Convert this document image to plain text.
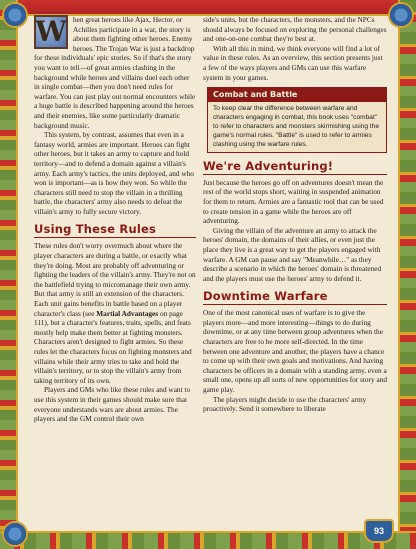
W hen great heroes like Ajax, Hector, or Achilles participate in a war, the story is about them fighting other heroes. Enemy heroes. The Trojan War is just a backdrop for these individuals' epic stories. So if that's the story you want to tell—of great armies clashing in the background while heroes and villains duel each other in single combat—then you don't need rules for warfare. You can just play out normal encounters while a huge battle is described happening around the heroes and their enemies, like some particularly dramatic background music.

This system, by contrast, assumes that even in a fantasy world, armies are important. Heroes can fight other heroes, but it takes an army to capture and hold territory—and to defend a domain against a villain's army. Each army's tactics, the units deployed, and who won is important—as is how they won. So while the characters still need to stop the villain in a thrilling battle, the characters' army also needs to defeat the villain's army to fully secure victory.

Using These Rules

These rules don't worry overmuch about where the player characters are during a battle, or exactly what they're doing. Most are probably off adventuring or fighting the leaders of the villain's army. They're not on the battlefield trying to micromanage their own army. But that army is still an extension of the characters. Each unit gains benefits in battle based on a player character's class (see Martial Advantages on page 111), but a character's features, traits, spells, and feats mostly help make them better at fighting monsters. Characters aren't designed to fight armies. So these rules let the characters focus on fighting monsters and villains while their army tries to take and hold the villain's territory, or to stop the villain's army from taking territory of its own.

Players and GMs who like these rules and want to use this system in their games should make sure that everyone understands wars are about armies. The players and the GM control their own

side's units, but the characters, the monsters, and the NPCs should always be focused on exploring the personal challenges and one-on-one combat they're best at.

With all this in mind, we think everyone will find a lot of value in these rules. As an overview, this section presents just a few of the ways players and GMs can use this warfare system in your games.

Combat and Battle
To keep clear the difference between warfare and characters engaging in combat, this book uses "combat" to refer to characters and monsters skirmishing using the game's normal rules. "Battle" is used to refer to armies clashing using the warfare rules.
We're Adventuring!

Just because the heroes go off on adventures doesn't mean the rest of the world stops short, waiting in suspended animation for them to return. Armies are a fantastic tool that can be used to create tension in a game while the heroes are off adventuring.

Giving the villain of the adventure an army to attack the heroes' domain, the domains of their allies, or even just the place they live is a great way to get the players engaged with warfare. A GM can pause and say "Meanwhile…" as they describe a scenario in which the heroes' domain is threatened and the players must use the heroes' army to defend it.

Downtime Warfare

One of the most canonical uses of warfare is to give the players more—and more interesting—things to do during downtime, or at any time between group adventures when the characters are free to be more self-directed. In the time between one adventure and another, the players have a chance to come up with their own goals and motivations. And having characters be officers in a domain with a standing army, even a small one, opens up all sorts of new opportunities for story and game play.

The players might decide to use the characters' army proactively. Send it somewhere to liberate

93
